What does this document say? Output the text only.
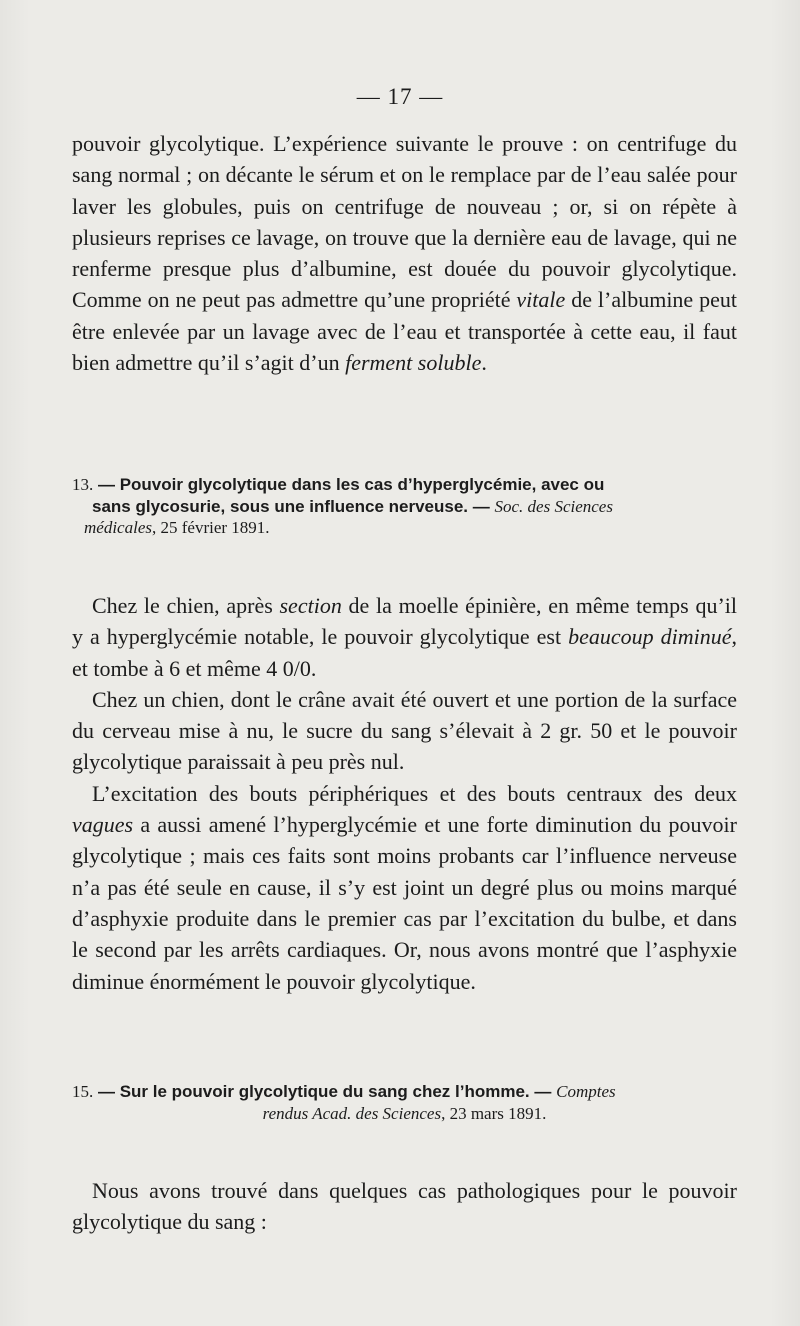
— 17 —

pouvoir glycolytique. L’expérience suivante le prouve : on centrifuge du sang normal ; on décante le sérum et on le remplace par de l’eau salée pour laver les globules, puis on centrifuge de nouveau ; or, si on répète à plusieurs reprises ce lavage, on trouve que la dernière eau de lavage, qui ne renferme presque plus d’albumine, est douée du pouvoir glycolytique. Comme on ne peut pas admettre qu’une propriété vitale de l’albumine peut être enlevée par un lavage avec de l’eau et transportée à cette eau, il faut bien admettre qu’il s’agit d’un ferment soluble.

13. — Pouvoir glycolytique dans les cas d’hyperglycémie, avec ou
sans glycosurie, sous une influence nerveuse. — Soc. des Sciences
médicales, 25 février 1891.

Chez le chien, après section de la moelle épinière, en même temps qu’il y a hyperglycémie notable, le pouvoir glycolytique est beaucoup diminué, et tombe à 6 et même 4 0/0.

Chez un chien, dont le crâne avait été ouvert et une portion de la surface du cerveau mise à nu, le sucre du sang s’élevait à 2 gr. 50 et le pouvoir glycolytique paraissait à peu près nul.

L’excitation des bouts périphériques et des bouts centraux des deux vagues a aussi amené l’hyperglycémie et une forte diminution du pouvoir glycolytique ; mais ces faits sont moins probants car l’influence nerveuse n’a pas été seule en cause, il s’y est joint un degré plus ou moins marqué d’asphyxie produite dans le premier cas par l’excitation du bulbe, et dans le second par les arrêts cardiaques. Or, nous avons montré que l’asphyxie diminue énormément le pouvoir glycolytique.

15. — Sur le pouvoir glycolytique du sang chez l’homme. — Comptes
rendus Acad. des Sciences, 23 mars 1891.

Nous avons trouvé dans quelques cas pathologiques pour le pouvoir glycolytique du sang :
